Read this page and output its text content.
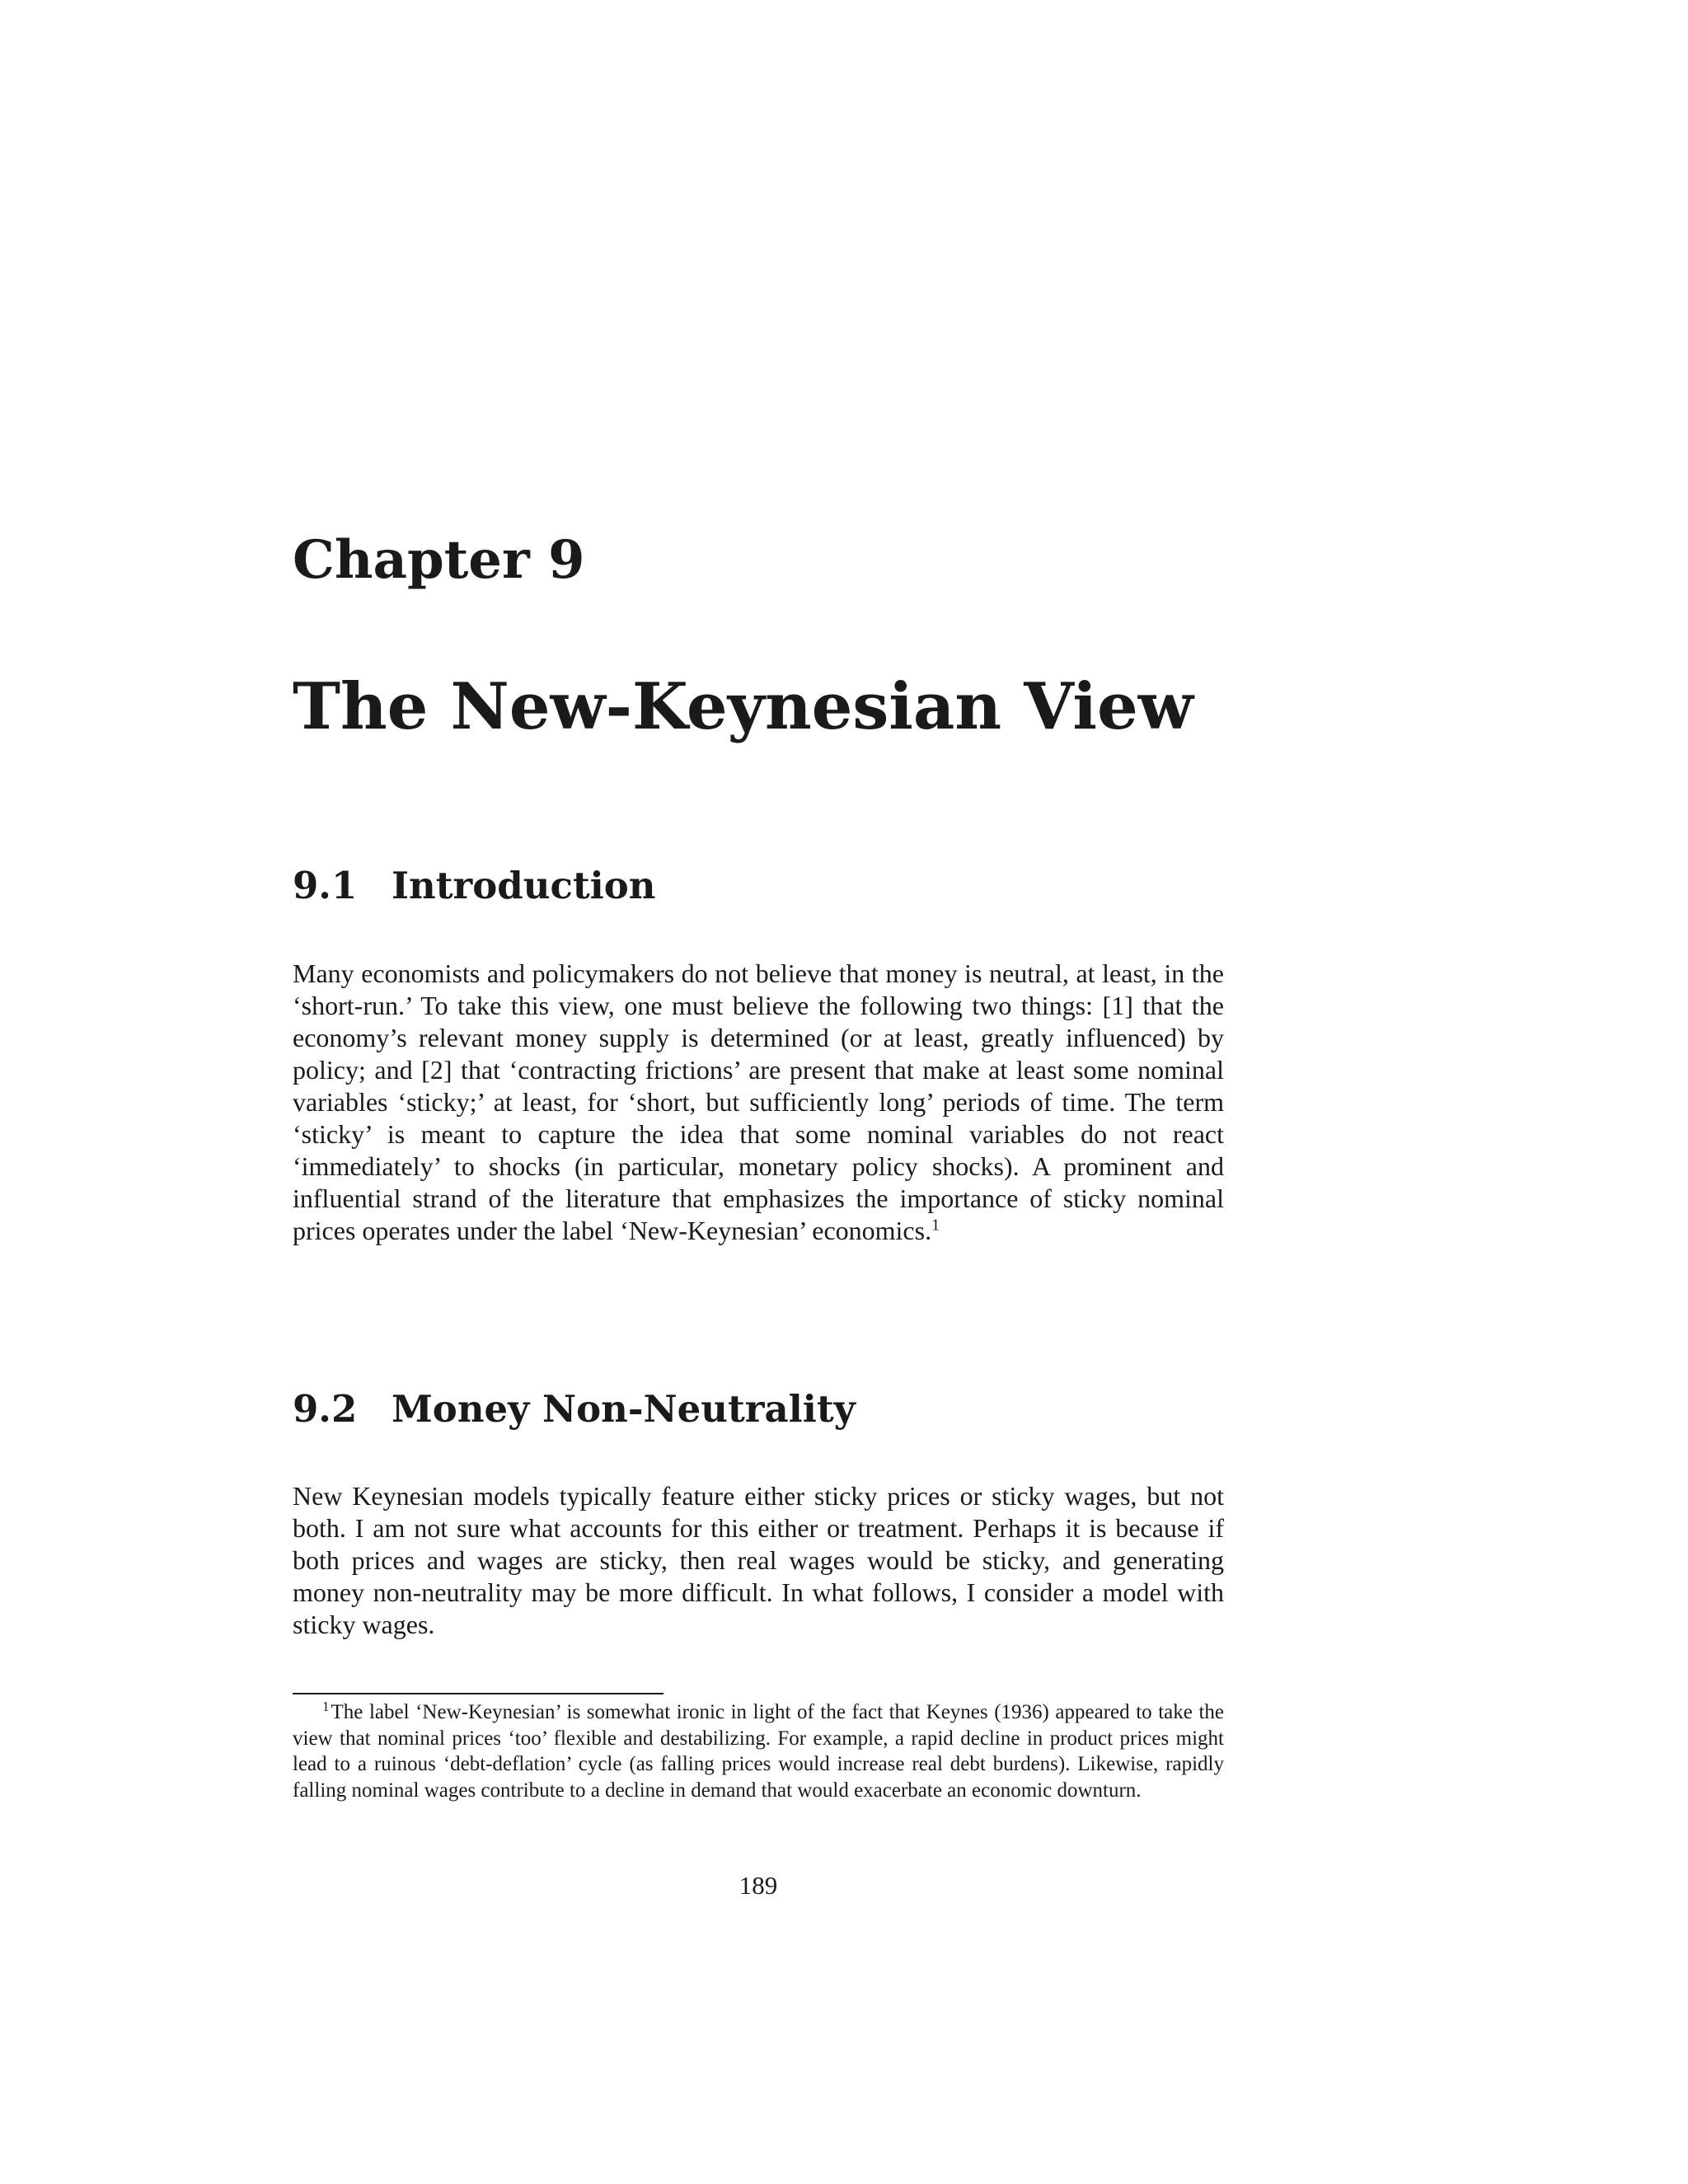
Chapter 9
The New-Keynesian View
9.1 Introduction

Many economists and policymakers do not believe that money is neutral, at least, in the ‘short-run.’ To take this view, one must believe the following two things: [1] that the economy’s relevant money supply is determined (or at least, greatly influenced) by policy; and [2] that ‘contracting frictions’ are present that make at least some nominal variables ‘sticky;’ at least, for ‘short, but sufficiently long’ periods of time. The term ‘sticky’ is meant to capture the idea that some nominal variables do not react ‘immediately’ to shocks (in particular, monetary policy shocks). A prominent and influential strand of the literature that emphasizes the importance of sticky nominal prices operates under the label ‘New-Keynesian’ economics.$^1$

9.2 Money Non-Neutrality

New Keynesian models typically feature either sticky prices or sticky wages, but not both. I am not sure what accounts for this either or treatment. Perhaps it is because if both prices and wages are sticky, then real wages would be sticky, and generating money non-neutrality may be more difficult. In what follows, I consider a model with sticky wages.

$^1$The label ‘New-Keynesian’ is somewhat ironic in light of the fact that Keynes (1936) appeared to take the view that nominal prices ‘too’ flexible and destabilizing. For example, a rapid decline in product prices might lead to a ruinous ‘debt-deflation’ cycle (as falling prices would increase real debt burdens). Likewise, rapidly falling nominal wages contribute to a decline in demand that would exacerbate an economic downturn.

189
